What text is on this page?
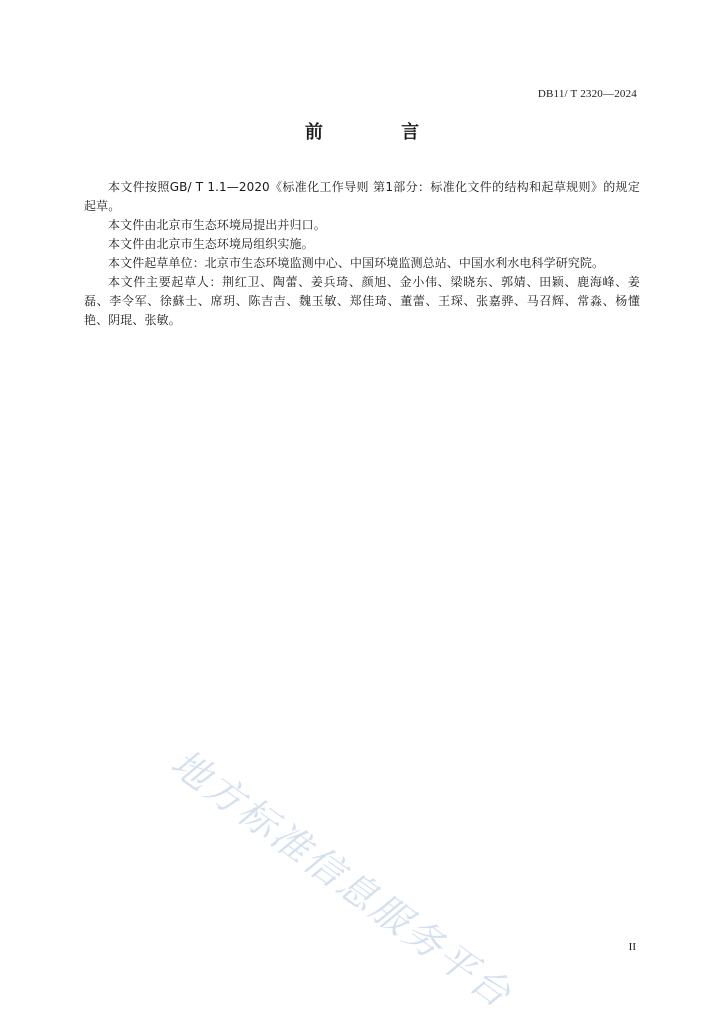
DB11/ T 2320—2024
前 言

本文件按照GB/ T 1.1—2020《标准化工作导则 第1部分：标准化文件的结构和起草规则》的规定起草。

本文件由北京市生态环境局提出并归口。

本文件由北京市生态环境局组织实施。

本文件起草单位：北京市生态环境监测中心、中国环境监测总站、中国水利水电科学研究院。

本文件主要起草人：荆红卫、陶蕾、姜兵琦、颜旭、金小伟、梁晓东、郭婧、田颖、鹿海峰、姜磊、李令军、徐蘇士、席玥、陈吉吉、魏玉敏、郑佳琦、董蕾、王琛、张嘉骅、马召辉、常淼、杨懂艳、阴琨、张敏。

地方标准信息服务平台	II
